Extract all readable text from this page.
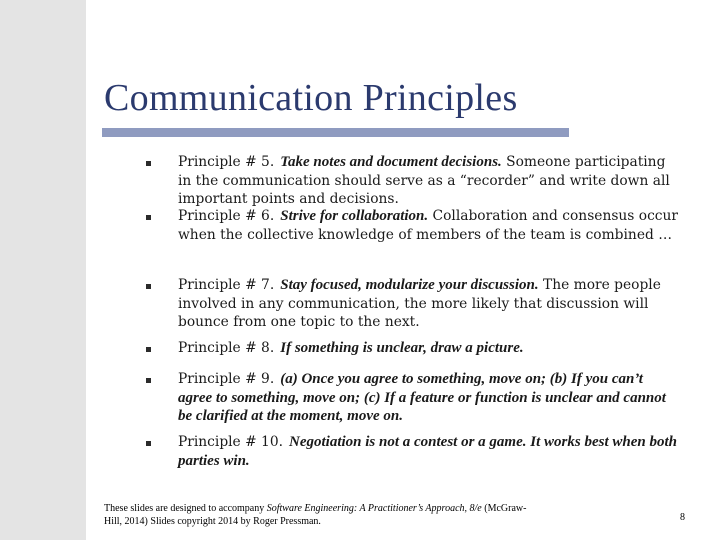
Communication Principles
Principle # 5. Take notes and document decisions. Someone participating in the communication should serve as a “recorder” and write down all important points and decisions.
Principle # 6. Strive for collaboration. Collaboration and consensus occur when the collective knowledge of members of the team is combined …
Principle # 7. Stay focused, modularize your discussion. The more people involved in any communication, the more likely that discussion will bounce from one topic to the next.
Principle # 8. If something is unclear, draw a picture.
Principle # 9. (a) Once you agree to something, move on; (b) If you can’t agree to something, move on; (c) If a feature or function is unclear and cannot be clarified at the moment, move on.
Principle # 10. Negotiation is not a contest or a game. It works best when both parties win.
These slides are designed to accompany Software Engineering: A Practitioner’s Approach, 8/e (McGraw-Hill, 2014) Slides copyright 2014 by Roger Pressman.	8
